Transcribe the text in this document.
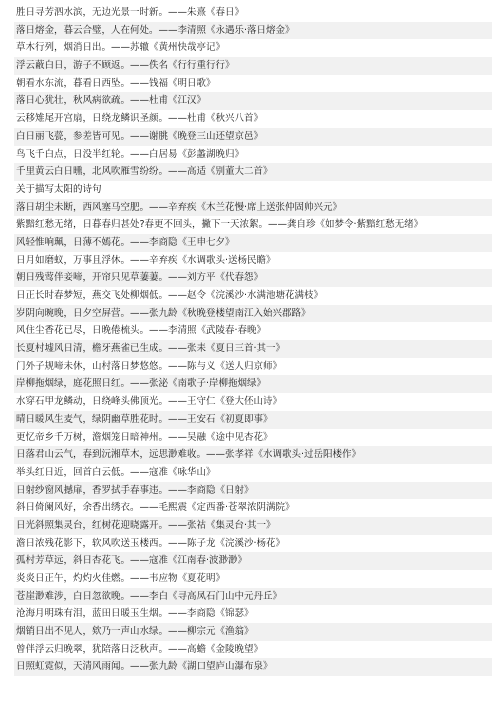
胜日寻芳泗水滨，无边光景一时新。——朱熹《春日》
落日熔金，暮云合璧，人在何处。——李清照《永遇乐·落日熔金》
草木行列，烟消日出。——苏辙《黄州快哉亭记》
浮云蔽白日，游子不顾返。——佚名《行行重行行》
朝看水东流，暮看日西坠。——钱福《明日歌》
落日心犹壮，秋风病欲疏。——杜甫《江汉》
云移雉尾开宫扇，日绕龙鳞识圣颜。——杜甫《秋兴八首》
白日丽飞甍，参差皆可见。——谢朓《晚登三山还望京邑》
鸟飞千白点，日没半红轮。——白居易《彭蠡湖晚归》
千里黄云白日曛，北风吹雁雪纷纷。——高适《别董大二首》
关于描写太阳的诗句
落日胡尘未断，西风塞马空肥。——辛弃疾《木兰花慢·席上送张仲固帅兴元》
紫黯红愁无绪，日暮春归甚处?春更不回头，撇下一天浓絮。——龚自珍《如梦令·紫黯红愁无绪》
风轻惟响珮，日薄不嫣花。——李商隐《王申七夕》
日月如磨蚁，万事且浮休。——辛弃疾《水调歌头·送杨民瞻》
朝日残莺伴妾啼，开帘只见草萋萋。——刘方平《代春怨》
日正长时春梦短，燕交飞处柳烟低。——赵令《浣溪沙·水满池塘花满枝》
岁阴向晼晚，日夕空屏营。——张九龄《秋晚登楼望南江入始兴郡路》
风住尘香花已尽，日晚倦梳头。——李清照《武陵春·春晚》
长夏村墟风日清，檐牙燕雀已生成。——张耒《夏日三首·其一》
门外子规啼未休，山村落日梦悠悠。——陈与义《送人归京师》
岸柳拖烟绿，庭花照日红。——张泌《南歌子·岸柳拖烟绿》
水穿石甲龙鳞动，日绕峰头佛顶光。——王守仁《登大伾山诗》
晴日暖风生麦气，绿阴幽草胜花时。——王安石《初夏即事》
更忆帝乡千万树，澹烟笼日暗神州。——吴融《途中见杏花》
日落君山云气，春到沅湘草木，远思渺难收。——张孝祥《水调歌头·过岳阳楼作》
举头红日近，回首白云低。——寇准《咏华山》
日射纱窗风撼扉，香罗拭手春事违。——李商隐《日射》
斜日倚阑风好，余香出绣衣。——毛熙震《定西番·苍翠浓阴满院》
日光斜照集灵台，红树花迎晓露开。——张祜《集灵台·其一》
澹日浓残花影下，软风吹送玉楼西。——陈子龙《浣溪沙·杨花》
孤村芳草远，斜日杏花飞。——寇准《江南春·波渺渺》
炎炎日正午，灼灼火佳燃。——韦应物《夏花明》
苍崖渺难涉，白日忽欲晚。——李白《寻高凤石门山中元丹丘》
沧海月明珠有泪，蓝田日暖玉生烟。——李商隐《锦瑟》
烟销日出不见人，欸乃一声山水绿。——柳宗元《渔翁》
曾伴浮云归晚翠，犹陪落日泛秋声。——高蟾《金陵晚望》
日照虹霓似，天清风雨闻。——张九龄《湖口望庐山瀑布泉》
